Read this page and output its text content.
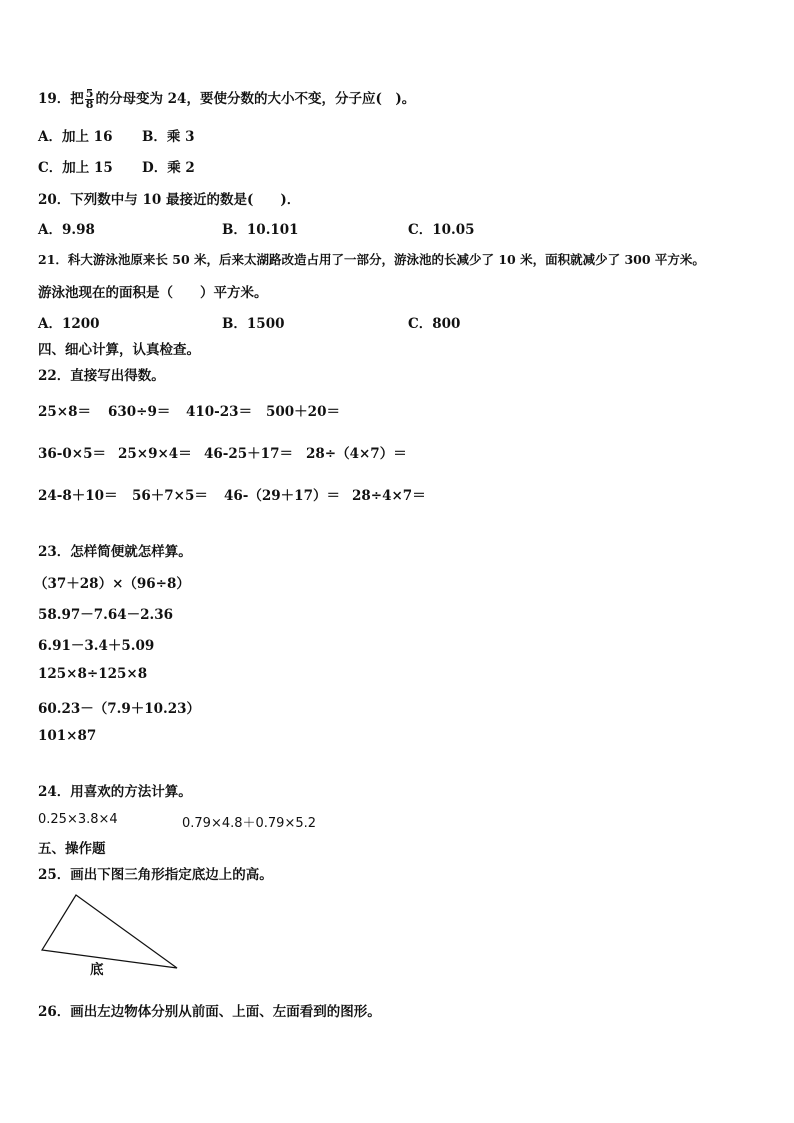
19．把 $\frac{5}{8}$ 的分母变为 24，要使分数的大小不变，分子应(　)。
A．加上 16 B．乘 3
C．加上 15 D．乘 2
20．下列数中与 10 最接近的数是(　　)．
A．9.98	B．10.101	C．10.05
21．科大游泳池原来长 50 米，后来太湖路改造占用了一部分，游泳池的长减少了 10 米，面积就减少了 300 平方米。
游泳池现在的面积是（　　）平方米。
A．1200	B．1500	C．800
四、细心计算，认真检查。
22．直接写出得数。
25×8＝ 630÷9＝ 410-23＝ 500＋20＝
36-0×5＝ 25×9×4＝ 46-25＋17＝ 28÷（4×7）＝
24-8＋10＝ 56＋7×5＝ 46-（29＋17）＝ 28÷4×7＝
23．怎样简便就怎样算。
（37＋28）×（96÷8）
58.97－7.64－2.36
6.91－3.4＋5.09
125×8÷125×8
60.23－（7.9＋10.23）
101×87
24．用喜欢的方法计算。
0.25×3.8×4	0.79×4.8＋0.79×5.2
五、操作题
25．画出下图三角形指定底边上的高。
底
26．画出左边物体分别从前面、上面、左面看到的图形。
